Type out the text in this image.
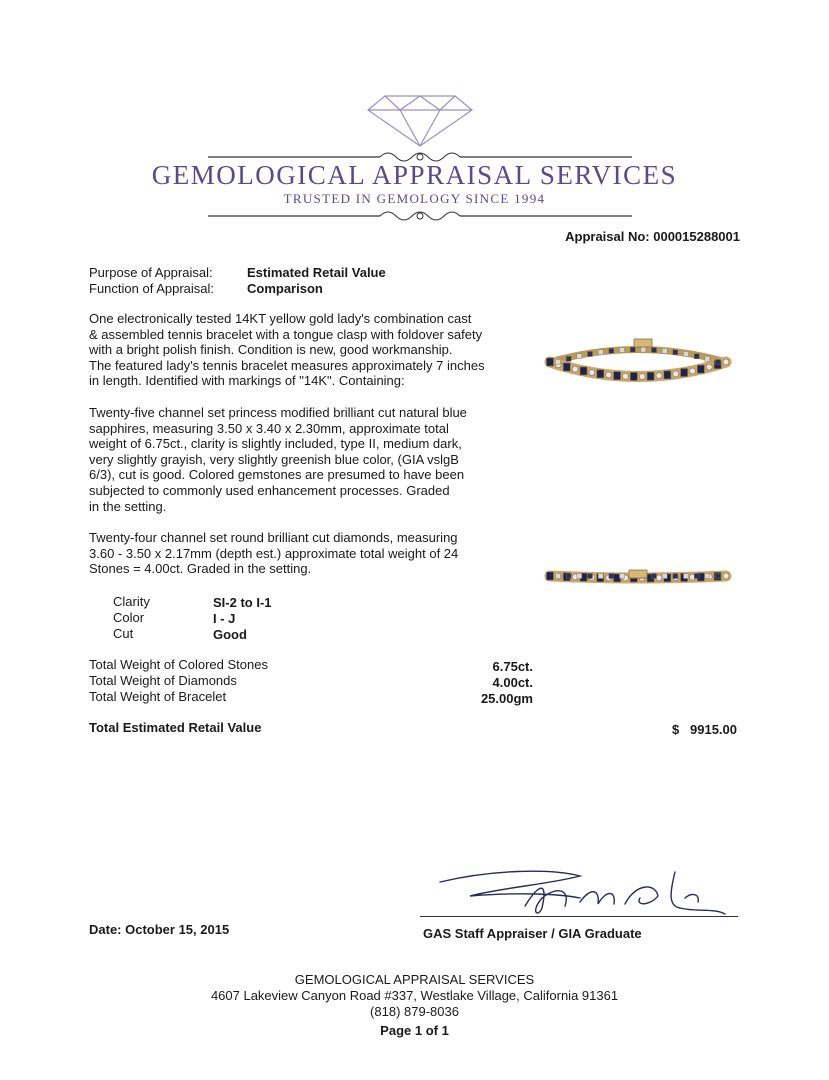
GEMOLOGICAL APPRAISAL SERVICES
TRUSTED IN GEMOLOGY SINCE 1994
Appraisal No: 000015288001
Purpose of Appraisal:	Estimated Retail Value
Function of Appraisal:	Comparison
One electronically tested 14KT yellow gold lady's combination cast
& assembled tennis bracelet with a tongue clasp with foldover safety
with a bright polish finish. Condition is new, good workmanship.
The featured lady's tennis bracelet measures approximately 7 inches
in length. Identified with markings of "14K". Containing:
Twenty-five channel set princess modified brilliant cut natural blue
sapphires, measuring 3.50 x 3.40 x 2.30mm, approximate total
weight of 6.75ct., clarity is slightly included, type II, medium dark,
very slightly grayish, very slightly greenish blue color, (GIA vslgB
6/3), cut is good. Colored gemstones are presumed to have been
subjected to commonly used enhancement processes. Graded
in the setting.
Twenty-four channel set round brilliant cut diamonds, measuring
3.60 - 3.50 x 2.17mm (depth est.) approximate total weight of 24
Stones = 4.00ct. Graded in the setting.
Clarity	SI-2 to I-1
Color	I - J
Cut	Good
Total Weight of Colored Stones	6.75ct.
Total Weight of Diamonds	4.00ct.
Total Weight of Bracelet	25.00gm
Total Estimated Retail Value	$   9915.00
Date: October 15, 2015	GAS Staff Appraiser / GIA Graduate
GEMOLOGICAL APPRAISAL SERVICES
4607 Lakeview Canyon Road #337, Westlake Village, California 91361
(818) 879-8036
Page 1 of 1
